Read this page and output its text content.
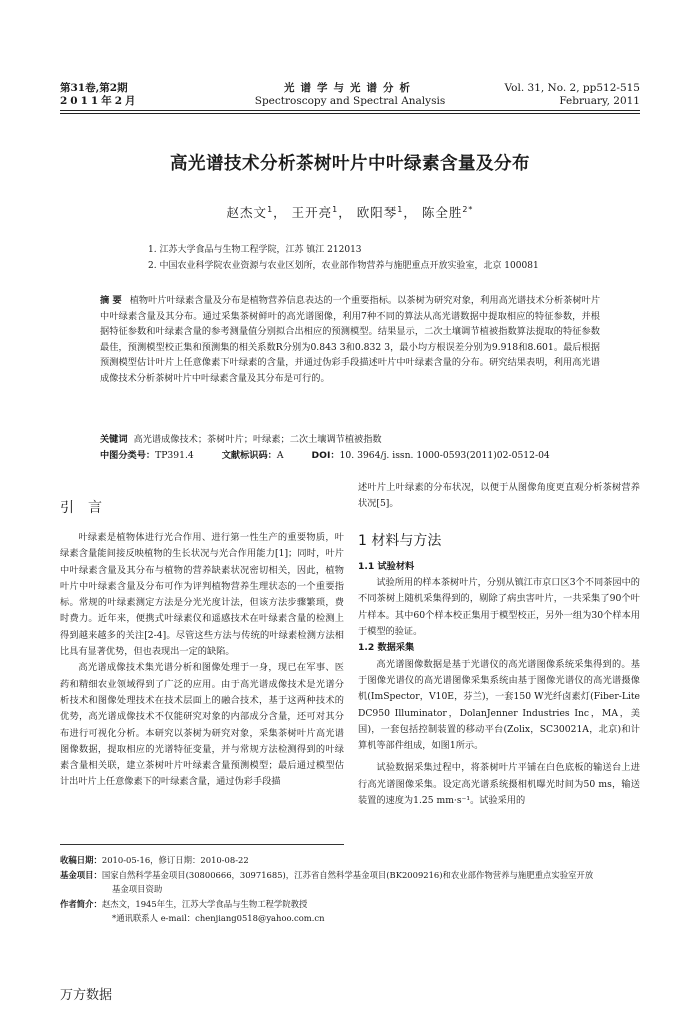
第31卷,第2期
2011年2月
光谱学与光谱分析
Spectroscopy and Spectral Analysis
Vol. 31, No. 2, pp512-515
February, 2011
高光谱技术分析茶树叶片中叶绿素含量及分布
赵杰文$^1$， 王开亮$^1$， 欧阳琴$^1$， 陈全胜$^{2*}$
1. 江苏大学食品与生物工程学院，江苏 镇江 212013
2. 中国农业科学院农业资源与农业区划所，农业部作物营养与施肥重点开放实验室，北京 100081
摘 要 植物叶片叶绿素含量及分布是植物营养信息表达的一个重要指标。以茶树为研究对象，利用高光谱技术分析茶树叶片中叶绿素含量及其分布。通过采集茶树鲜叶的高光谱图像，利用7种不同的算法从高光谱数据中提取相应的特征参数，并根据特征参数和叶绿素含量的参考测量值分别拟合出相应的预测模型。结果显示，二次土壤调节植被指数算法提取的特征参数最佳，预测模型校正集和预测集的相关系数R分别为0.843 3和0.832 3，最小均方根误差分别为9.918和8.601。最后根据预测模型估计叶片上任意像素下叶绿素的含量，并通过伪彩手段描述叶片中叶绿素含量的分布。研究结果表明，利用高光谱成像技术分析茶树叶片中叶绿素含量及其分布是可行的。
关键词 高光谱成像技术；茶树叶片；叶绿素；二次土壤调节植被指数
中图分类号：TP391.4	文献标识码：A	DOI：10. 3964/j. issn. 1000-0593(2011)02-0512-04
引言

叶绿素是植物体进行光合作用、进行第一性生产的重要物质，叶绿素含量能间接反映植物的生长状况与光合作用能力[1]；同时，叶片中叶绿素含量及其分布与植物的营养缺素状况密切相关，因此，植物叶片中叶绿素含量及分布可作为评判植物营养生理状态的一个重要指标。常规的叶绿素测定方法是分光光度计法，但该方法步骤繁琐，费时费力。近年来，便携式叶绿素仪和遥感技术在叶绿素含量的检测上得到越来越多的关注[2-4]。尽管这些方法与传统的叶绿素检测方法相比具有显著优势，但也表现出一定的缺陷。

高光谱成像技术集光谱分析和图像处理于一身，现已在军事、医药和精细农业领域得到了广泛的应用。由于高光谱成像技术是光谱分析技术和图像处理技术在技术层面上的融合技术，基于这两种技术的优势，高光谱成像技术不仅能研究对象的内部成分含量，还可对其分布进行可视化分析。本研究以茶树为研究对象，采集茶树叶片高光谱图像数据，提取相应的光谱特征变量，并与常规方法检测得到的叶绿素含量相关联，建立茶树叶片叶绿素含量预测模型；最后通过模型估计出叶片上任意像素下的叶绿素含量，通过伪彩手段描

述叶片上叶绿素的分布状况，以便于从图像角度更直观分析茶树营养状况[5]。

1 材料与方法

1.1 试验材料

试验所用的样本茶树叶片，分别从镇江市京口区3个不同茶园中的不同茶树上随机采集得到的，剔除了病虫害叶片，一共采集了90个叶片样本。其中60个样本校正集用于模型校正，另外一组为30个样本用于模型的验证。

1.2 数据采集

高光谱图像数据是基于光谱仪的高光谱图像系统采集得到的。基于图像光谱仪的高光谱图像采集系统由基于图像光谱仪的高光谱摄像机(ImSpector，V10E，芬兰)，一套150 W光纤卤素灯(Fiber-Lite DC950 Illuminator，DolanJenner Industries Inc，MA，美国)，一套包括控制装置的移动平台(Zolix，SC30021A，北京)和计算机等部件组成，如图1所示。

试验数据采集过程中，将茶树叶片平铺在白色底板的输送台上进行高光谱图像采集。设定高光谱系统摄相机曝光时间为50 ms，输送装置的速度为1.25 mm·s⁻¹。试验采用的

收稿日期：2010-05-16，修订日期：2010-08-22
基金项目：国家自然科学基金项目(30800666，30971685)，江苏省自然科学基金项目(BK2009216)和农业部作物营养与施肥重点实验室开放
基金项目资助
作者简介：赵杰文，1945年生，江苏大学食品与生物工程学院教授
*通讯联系人 e-mail：chenjiang0518@yahoo.com.cn
万方数据
